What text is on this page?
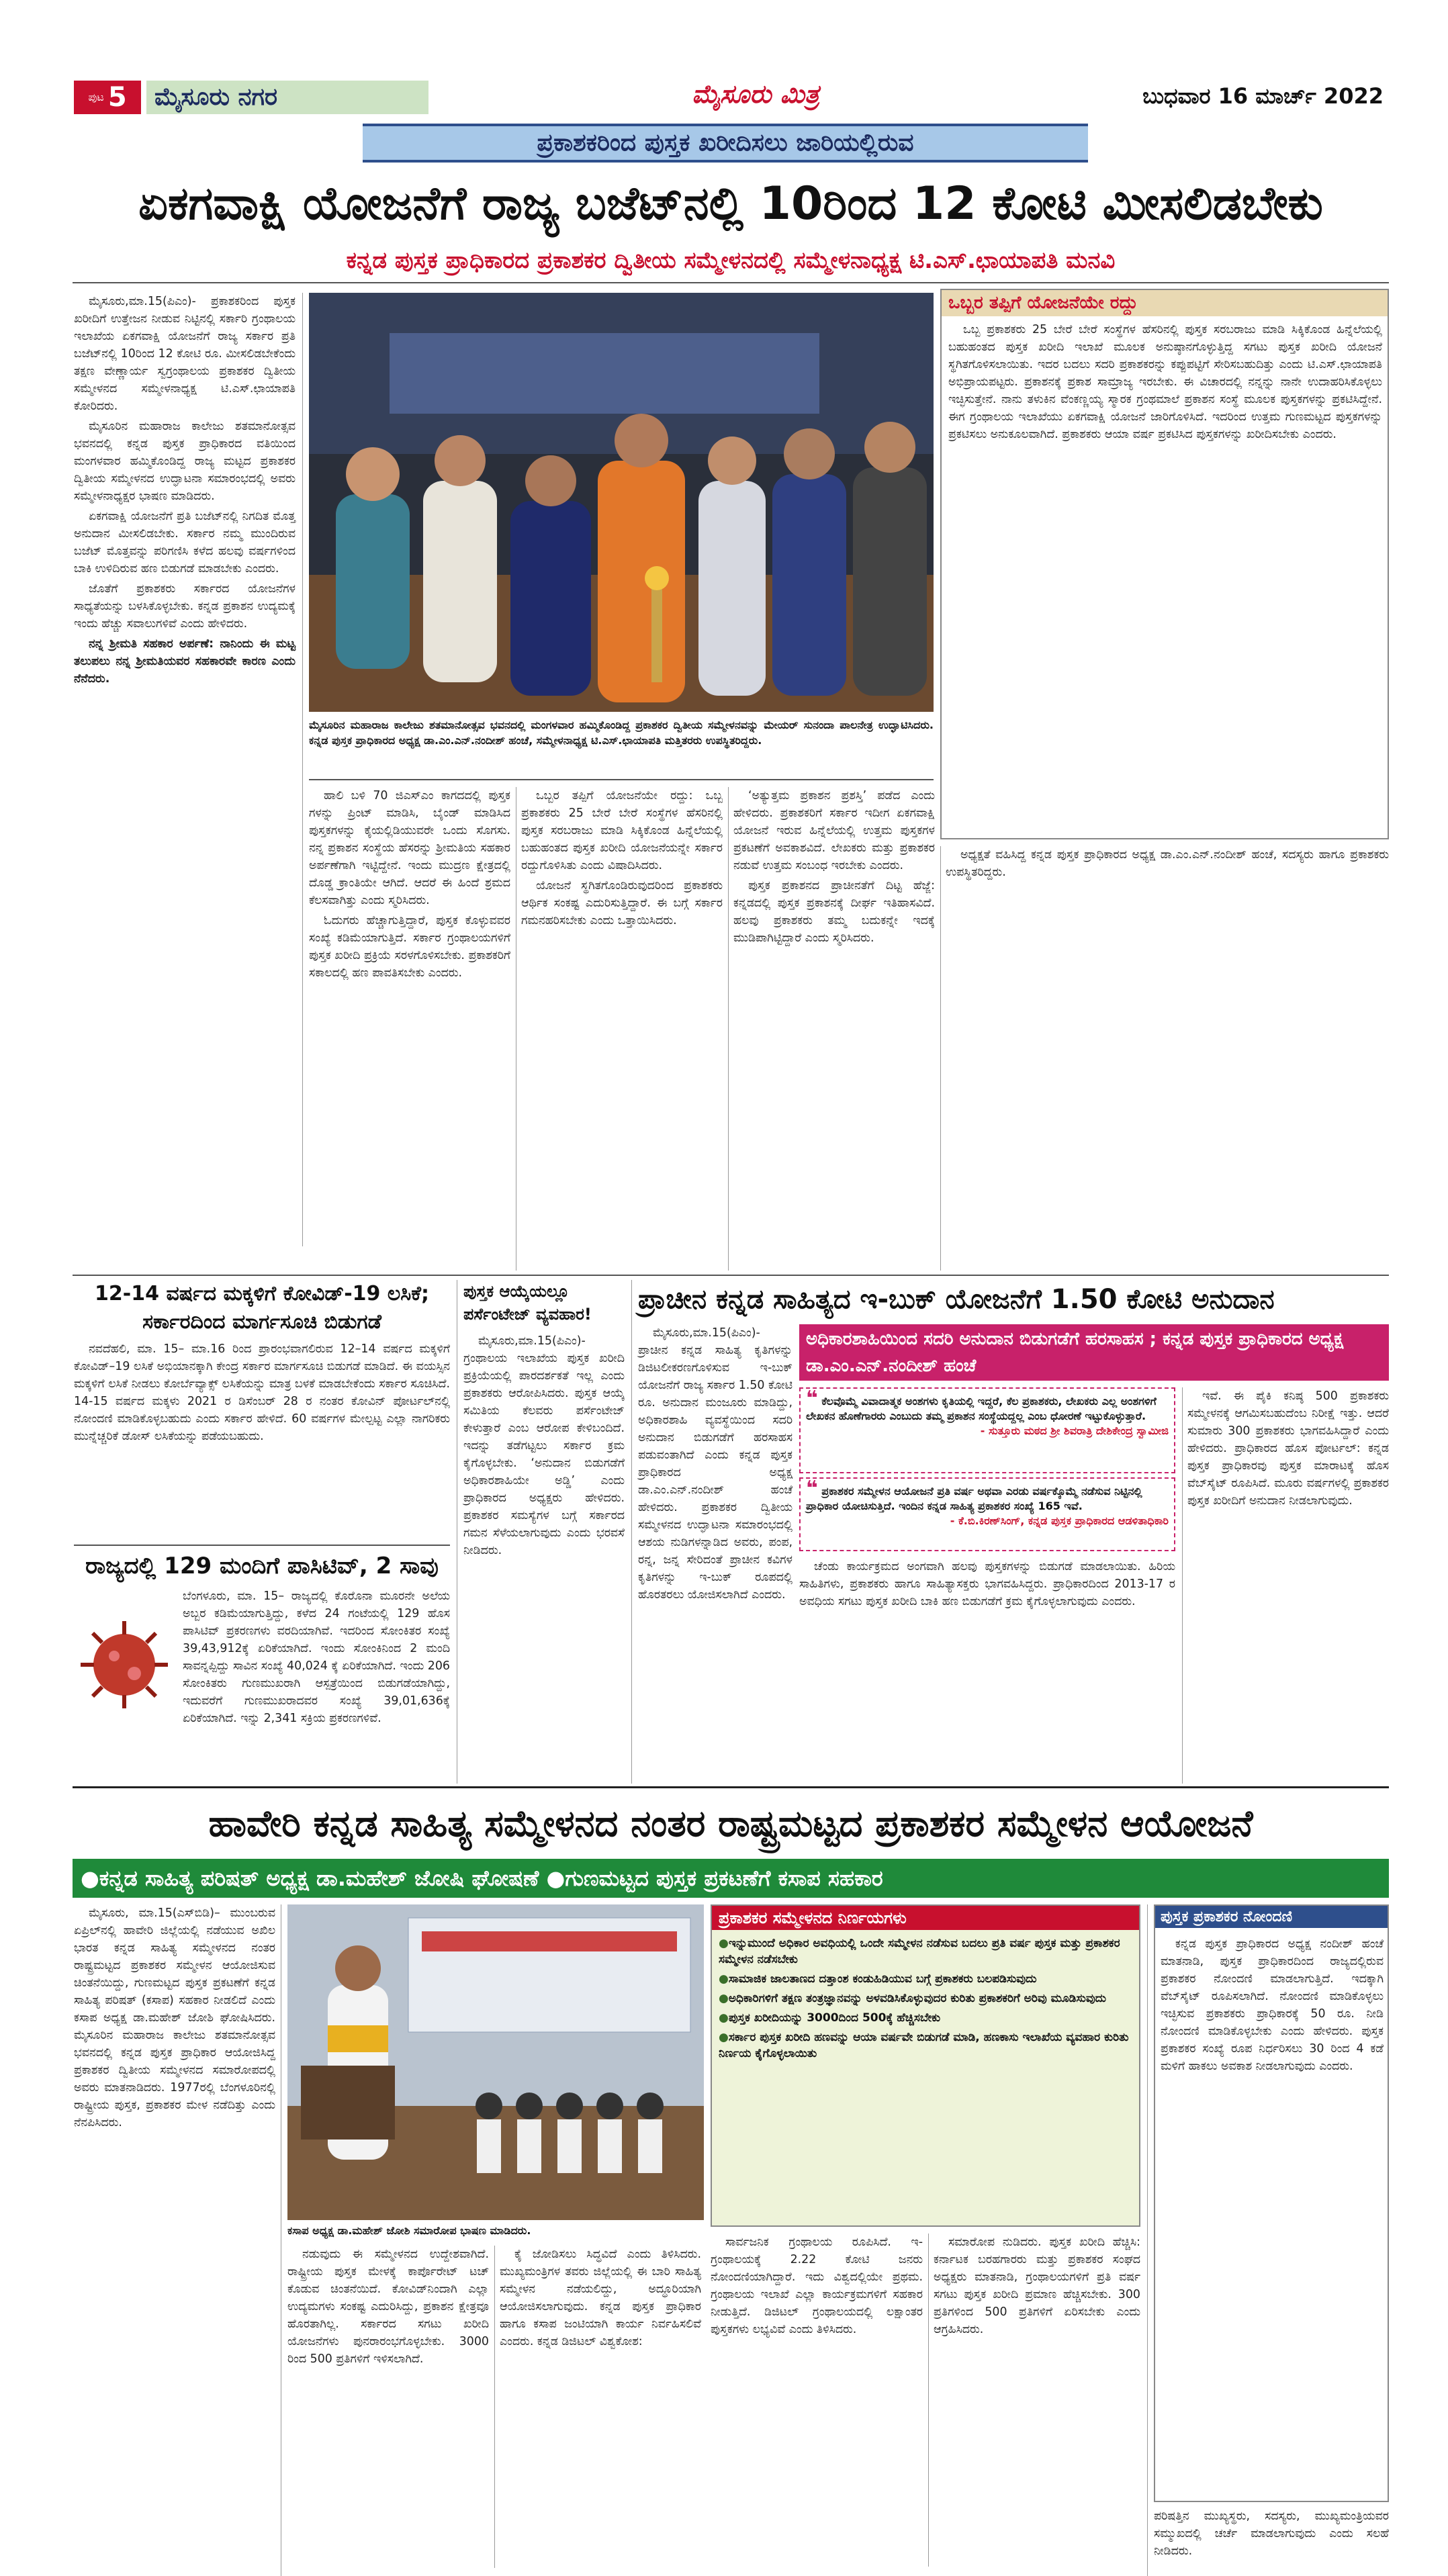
ಪುಟ 5	ಮೈಸೂರು ನಗರ	ಮೈಸೂರು ಮಿತ್ರ	ಬುಧವಾರ 16 ಮಾರ್ಚ್ 2022
ಪ್ರಕಾಶಕರಿಂದ ಪುಸ್ತಕ ಖರೀದಿಸಲು ಜಾರಿಯಲ್ಲಿರುವ
ಏಕಗವಾಕ್ಷಿ ಯೋಜನೆಗೆ ರಾಜ್ಯ ಬಜೆಟ್‌ನಲ್ಲಿ 10ರಿಂದ 12 ಕೋಟಿ ಮೀಸಲಿಡಬೇಕು
ಕನ್ನಡ ಪುಸ್ತಕ ಪ್ರಾಧಿಕಾರದ ಪ್ರಕಾಶಕರ ದ್ವಿತೀಯ ಸಮ್ಮೇಳನದಲ್ಲಿ ಸಮ್ಮೇಳನಾಧ್ಯಕ್ಷ ಟಿ.ಎಸ್.ಛಾಯಾಪತಿ ಮನವಿ

ಮೈಸೂರು,ಮಾ.15(ಪಿಎಂ)- ಪ್ರಕಾಶಕರಿಂದ ಪುಸ್ತಕ ಖರೀದಿಗೆ ಉತ್ತೇಜನ ನೀಡುವ ನಿಟ್ಟಿನಲ್ಲಿ ಸರ್ಕಾರಿ ಗ್ರಂಥಾಲಯ ಇಲಾಖೆಯ ಏಕಗವಾಕ್ಷಿ ಯೋಜನೆಗೆ ರಾಜ್ಯ ಸರ್ಕಾರ ಪ್ರತಿ ಬಜೆಟ್‌ನಲ್ಲಿ 10ರಿಂದ 12 ಕೋಟಿ ರೂ. ಮೀಸಲಿಡಬೇಕೆಂದು ತಕ್ಷಣ ವೇಣ್ಣಾರ್ಯ ಸ್ವಗ್ರಂಥಾಲಯ ಪ್ರಕಾಶಕರ ದ್ವಿತೀಯ ಸಮ್ಮೇಳನದ ಸಮ್ಮೇಳನಾಧ್ಯಕ್ಷ ಟಿ.ಎಸ್.ಛಾಯಾಪತಿ ಕೋರಿದರು.

ಮೈಸೂರಿನ ಮಹಾರಾಜ ಕಾಲೇಜು ಶತಮಾನೋತ್ಸವ ಭವನದಲ್ಲಿ ಕನ್ನಡ ಪುಸ್ತಕ ಪ್ರಾಧಿಕಾರದ ವತಿಯಿಂದ ಮಂಗಳವಾರ ಹಮ್ಮಿಕೊಂಡಿದ್ದ ರಾಜ್ಯ ಮಟ್ಟದ ಪ್ರಕಾಶಕರ ದ್ವಿತೀಯ ಸಮ್ಮೇಳನದ ಉದ್ಘಾಟನಾ ಸಮಾರಂಭದಲ್ಲಿ ಅವರು ಸಮ್ಮೇಳನಾಧ್ಯಕ್ಷರ ಭಾಷಣ ಮಾಡಿದರು.

ಏಕಗವಾಕ್ಷಿ ಯೋಜನೆಗೆ ಪ್ರತಿ ಬಜೆಟ್‌ನಲ್ಲಿ ನಿಗದಿತ ಮೊತ್ತ ಅನುದಾನ ಮೀಸಲಿಡಬೇಕು. ಸರ್ಕಾರ ನಮ್ಮ ಮುಂದಿರುವ ಬಜೆಟ್ ಮೊತ್ತವನ್ನು ಪರಿಗಣಿಸಿ ಕಳೆದ ಹಲವು ವರ್ಷಗಳಿಂದ ಬಾಕಿ ಉಳಿದಿರುವ ಹಣ ಬಿಡುಗಡೆ ಮಾಡಬೇಕು ಎಂದರು.

ಜೊತೆಗೆ ಪ್ರಕಾಶಕರು ಸರ್ಕಾರದ ಯೋಜನೆಗಳ ಸಾಧ್ಯತೆಯನ್ನು ಬಳಸಿಕೊಳ್ಳಬೇಕು. ಕನ್ನಡ ಪ್ರಕಾಶನ ಉದ್ಯಮಕ್ಕೆ ಇಂದು ಹೆಚ್ಚು ಸವಾಲುಗಳಿವೆ ಎಂದು ಹೇಳಿದರು.

ನನ್ನ ಶ್ರೀಮತಿ ಸಹಕಾರ ಅರ್ಪಣೆ: ನಾನಿಂದು ಈ ಮಟ್ಟ ತಲುಪಲು ನನ್ನ ಶ್ರೀಮತಿಯವರ ಸಹಕಾರವೇ ಕಾರಣ ಎಂದು ನೆನೆದರು.

ಮೈಸೂರಿನ ಮಹಾರಾಜ ಕಾಲೇಜು ಶತಮಾನೋತ್ಸವ ಭವನದಲ್ಲಿ ಮಂಗಳವಾರ ಹಮ್ಮಿಕೊಂಡಿದ್ದ ಪ್ರಕಾಶಕರ ದ್ವಿತೀಯ ಸಮ್ಮೇಳನವನ್ನು ಮೇಯರ್ ಸುನಂದಾ ಪಾಲನೇತ್ರ ಉದ್ಘಾಟಿಸಿದರು. ಕನ್ನಡ ಪುಸ್ತಕ ಪ್ರಾಧಿಕಾರದ ಅಧ್ಯಕ್ಷ ಡಾ.ಎಂ.ಎನ್.ನಂದೀಶ್ ಹಂಚೆ, ಸಮ್ಮೇಳನಾಧ್ಯಕ್ಷ ಟಿ.ಎಸ್.ಛಾಯಾಪತಿ ಮತ್ತಿತರರು ಉಪಸ್ಥಿತರಿದ್ದರು.
ಒಬ್ಬರ ತಪ್ಪಿಗೆ ಯೋಜನೆಯೇ ರದ್ದು
ಒಬ್ಬ ಪ್ರಕಾಶಕರು 25 ಬೇರೆ ಬೇರೆ ಸಂಸ್ಥೆಗಳ ಹೆಸರಿನಲ್ಲಿ ಪುಸ್ತಕ ಸರಬರಾಜು ಮಾಡಿ ಸಿಕ್ಕಿಕೊಂಡ ಹಿನ್ನೆಲೆಯಲ್ಲಿ ಬಹುಹಂತದ ಪುಸ್ತಕ ಖರೀದಿ ಇಲಾಖೆ ಮೂಲಕ ಅನುಷ್ಠಾನಗೊಳ್ಳುತ್ತಿದ್ದ ಸಗಟು ಪುಸ್ತಕ ಖರೀದಿ ಯೋಜನೆ ಸ್ಥಗಿತಗೊಳಿಸಲಾಯಿತು. ಇದರ ಬದಲು ಸದರಿ ಪ್ರಕಾಶಕರನ್ನು ಕಪ್ಪುಪಟ್ಟಿಗೆ ಸೇರಿಸಬಹುದಿತ್ತು ಎಂದು ಟಿ.ಎಸ್.ಛಾಯಾಪತಿ ಅಭಿಪ್ರಾಯಪಟ್ಟರು. ಪ್ರಕಾಶನಕ್ಕೆ ಪ್ರಕಾಶ ಸಾಮ್ರಾಜ್ಯ ಇರಬೇಕು. ಈ ವಿಚಾರದಲ್ಲಿ ನನ್ನನ್ನು ನಾನೇ ಉದಾಹರಿಸಿಕೊಳ್ಳಲು ಇಚ್ಛಿಸುತ್ತೇನೆ. ನಾನು ತಳುಕಿನ ವೆಂಕಣ್ಣಯ್ಯ ಸ್ಮಾರಕ ಗ್ರಂಥಮಾಲೆ ಪ್ರಕಾಶನ ಸಂಸ್ಥೆ ಮೂಲಕ ಪುಸ್ತಕಗಳನ್ನು ಪ್ರಕಟಿಸಿದ್ದೇನೆ. ಈಗ ಗ್ರಂಥಾಲಯ ಇಲಾಖೆಯು ಏಕಗವಾಕ್ಷಿ ಯೋಜನೆ ಜಾರಿಗೊಳಿಸಿದೆ. ಇದರಿಂದ ಉತ್ತಮ ಗುಣಮಟ್ಟದ ಪುಸ್ತಕಗಳನ್ನು ಪ್ರಕಟಿಸಲು ಅನುಕೂಲವಾಗಿದೆ. ಪ್ರಕಾಶಕರು ಆಯಾ ವರ್ಷ ಪ್ರಕಟಿಸಿದ ಪುಸ್ತಕಗಳನ್ನು ಖರೀದಿಸಬೇಕು ಎಂದರು.

ಹಾಲಿ ಬಳಿ 70 ಜಿಎಸ್‌ಎಂ ಕಾಗದದಲ್ಲಿ ಪುಸ್ತಕ ಗಳನ್ನು ಪ್ರಿಂಟ್ ಮಾಡಿಸಿ, ಬೈಂಡ್ ಮಾಡಿಸಿದ ಪುಸ್ತಕಗಳನ್ನು ಕೈಯಲ್ಲಿಡಿಯುವರೇ ಒಂದು ಸೊಗಸು. ನನ್ನ ಪ್ರಕಾಶನ ಸಂಸ್ಥೆಯ ಹೆಸರನ್ನು ಶ್ರೀಮತಿಯ ಸಹಕಾರ ಅರ್ಪಣೆಗಾಗಿ ಇಟ್ಟಿದ್ದೇನೆ. ಇಂದು ಮುದ್ರಣ ಕ್ಷೇತ್ರದಲ್ಲಿ ದೊಡ್ಡ ಕ್ರಾಂತಿಯೇ ಆಗಿದೆ. ಆದರೆ ಈ ಹಿಂದೆ ಶ್ರಮದ ಕೆಲಸವಾಗಿತ್ತು ಎಂದು ಸ್ಮರಿಸಿದರು.

ಓದುಗರು ಹೆಚ್ಚಾಗುತ್ತಿದ್ದಾರೆ, ಪುಸ್ತಕ ಕೊಳ್ಳುವವರ ಸಂಖ್ಯೆ ಕಡಿಮೆಯಾಗುತ್ತಿದೆ. ಸರ್ಕಾರ ಗ್ರಂಥಾಲಯಗಳಿಗೆ ಪುಸ್ತಕ ಖರೀದಿ ಪ್ರಕ್ರಿಯೆ ಸರಳಗೊಳಿಸಬೇಕು. ಪ್ರಕಾಶಕರಿಗೆ ಸಕಾಲದಲ್ಲಿ ಹಣ ಪಾವತಿಸಬೇಕು ಎಂದರು.

ಒಬ್ಬರ ತಪ್ಪಿಗೆ ಯೋಜನೆಯೇ ರದ್ದು: ಒಬ್ಬ ಪ್ರಕಾಶಕರು 25 ಬೇರೆ ಬೇರೆ ಸಂಸ್ಥೆಗಳ ಹೆಸರಿನಲ್ಲಿ ಪುಸ್ತಕ ಸರಬರಾಜು ಮಾಡಿ ಸಿಕ್ಕಿಕೊಂಡ ಹಿನ್ನೆಲೆಯಲ್ಲಿ ಬಹುಹಂತದ ಪುಸ್ತಕ ಖರೀದಿ ಯೋಜನೆಯನ್ನೇ ಸರ್ಕಾರ ರದ್ದುಗೊಳಿಸಿತು ಎಂದು ವಿಷಾದಿಸಿದರು.

ಯೋಜನೆ ಸ್ಥಗಿತಗೊಂಡಿರುವುದರಿಂದ ಪ್ರಕಾಶಕರು ಆರ್ಥಿಕ ಸಂಕಷ್ಟ ಎದುರಿಸುತ್ತಿದ್ದಾರೆ. ಈ ಬಗ್ಗೆ ಸರ್ಕಾರ ಗಮನಹರಿಸಬೇಕು ಎಂದು ಒತ್ತಾಯಿಸಿದರು.

‘ಅತ್ಯುತ್ತಮ ಪ್ರಕಾಶನ ಪ್ರಶಸ್ತಿ’ ಪಡೆದ ಎಂದು ಹೇಳಿದರು. ಪ್ರಕಾಶಕರಿಗೆ ಸರ್ಕಾರ ಇದೀಗ ಏಕಗವಾಕ್ಷಿ ಯೋಜನೆ ಇರುವ ಹಿನ್ನೆಲೆಯಲ್ಲಿ ಉತ್ತಮ ಪುಸ್ತಕಗಳ ಪ್ರಕಟಣೆಗೆ ಅವಕಾಶವಿದೆ. ಲೇಖಕರು ಮತ್ತು ಪ್ರಕಾಶಕರ ನಡುವೆ ಉತ್ತಮ ಸಂಬಂಧ ಇರಬೇಕು ಎಂದರು.

ಪುಸ್ತಕ ಪ್ರಕಾಶನದ ಪ್ರಾಚೀನತೆಗೆ ದಿಟ್ಟ ಹೆಜ್ಜೆ: ಕನ್ನಡದಲ್ಲಿ ಪುಸ್ತಕ ಪ್ರಕಾಶನಕ್ಕೆ ದೀರ್ಘ ಇತಿಹಾಸವಿದೆ. ಹಲವು ಪ್ರಕಾಶಕರು ತಮ್ಮ ಬದುಕನ್ನೇ ಇದಕ್ಕೆ ಮುಡಿಪಾಗಿಟ್ಟಿದ್ದಾರೆ ಎಂದು ಸ್ಮರಿಸಿದರು.

ಅಧ್ಯಕ್ಷತೆ ವಹಿಸಿದ್ದ ಕನ್ನಡ ಪುಸ್ತಕ ಪ್ರಾಧಿಕಾರದ ಅಧ್ಯಕ್ಷ ಡಾ.ಎಂ.ಎನ್.ನಂದೀಶ್ ಹಂಚೆ, ಸದಸ್ಯರು ಹಾಗೂ ಪ್ರಕಾಶಕರು ಉಪಸ್ಥಿತರಿದ್ದರು.

12-14 ವರ್ಷದ ಮಕ್ಕಳಿಗೆ ಕೋವಿಡ್-19 ಲಸಿಕೆ; ಸರ್ಕಾರದಿಂದ ಮಾರ್ಗಸೂಚಿ ಬಿಡುಗಡೆ
ನವದೆಹಲಿ, ಮಾ. 15– ಮಾ.16 ರಿಂದ ಪ್ರಾರಂಭವಾಗಲಿರುವ 12–14 ವರ್ಷದ ಮಕ್ಕಳಿಗೆ ಕೋವಿಡ್–19 ಲಸಿಕೆ ಅಭಿಯಾನಕ್ಕಾಗಿ ಕೇಂದ್ರ ಸರ್ಕಾರ ಮಾರ್ಗಸೂಚಿ ಬಿಡುಗಡೆ ಮಾಡಿದೆ. ಈ ವಯಸ್ಸಿನ ಮಕ್ಕಳಿಗೆ ಲಸಿಕೆ ನೀಡಲು ಕೋರ್ಬೆವ್ಯಾಕ್ಸ್ ಲಸಿಕೆಯನ್ನು ಮಾತ್ರ ಬಳಕೆ ಮಾಡಬೇಕೆಂದು ಸರ್ಕಾರ ಸೂಚಿಸಿದೆ. 14-15 ವರ್ಷದ ಮಕ್ಕಳು 2021 ರ ಡಿಸೆಂಬರ್ 28 ರ ನಂತರ ಕೋವಿನ್ ಪೋರ್ಟಲ್‌ನಲ್ಲಿ ನೋಂದಣಿ ಮಾಡಿಕೊಳ್ಳಬಹುದು ಎಂದು ಸರ್ಕಾರ ಹೇಳಿದೆ. 60 ವರ್ಷಗಳ ಮೇಲ್ಪಟ್ಟ ಎಲ್ಲಾ ನಾಗರಿಕರು ಮುನ್ನೆಚ್ಚರಿಕೆ ಡೋಸ್ ಲಸಿಕೆಯನ್ನು ಪಡೆಯಬಹುದು.
ರಾಜ್ಯದಲ್ಲಿ 129 ಮಂದಿಗೆ ಪಾಸಿಟಿವ್, 2 ಸಾವು
ಬೆಂಗಳೂರು, ಮಾ. 15– ರಾಜ್ಯದಲ್ಲಿ ಕೊರೊನಾ ಮೂರನೇ ಅಲೆಯ ಅಬ್ಬರ ಕಡಿಮೆಯಾಗುತ್ತಿದ್ದು, ಕಳೆದ 24 ಗಂಟೆಯಲ್ಲಿ 129 ಹೊಸ ಪಾಸಿಟಿವ್ ಪ್ರಕರಣಗಳು ವರದಿಯಾಗಿವೆ. ಇದರಿಂದ ಸೋಂಕಿತರ ಸಂಖ್ಯೆ 39,43,912ಕ್ಕೆ ಏರಿಕೆಯಾಗಿದೆ. ಇಂದು ಸೋಂಕಿನಿಂದ 2 ಮಂದಿ ಸಾವನ್ನಪ್ಪಿದ್ದು ಸಾವಿನ ಸಂಖ್ಯೆ 40,024 ಕ್ಕೆ ಏರಿಕೆಯಾಗಿದೆ. ಇಂದು 206 ಸೋಂಕಿತರು ಗುಣಮುಖರಾಗಿ ಆಸ್ಪತ್ರೆಯಿಂದ ಬಿಡುಗಡೆಯಾಗಿದ್ದು, ಇದುವರೆಗೆ ಗುಣಮುಖರಾದವರ ಸಂಖ್ಯೆ 39,01,636ಕ್ಕೆ ಏರಿಕೆಯಾಗಿದೆ. ಇನ್ನು 2,341 ಸಕ್ರಿಯ ಪ್ರಕರಣಗಳಿವೆ.
ಪುಸ್ತಕ ಆಯ್ಕೆಯಲ್ಲೂ ಪರ್ಸೆಂಟೇಜ್ ವ್ಯವಹಾರ!
ಮೈಸೂರು,ಮಾ.15(ಪಿಎಂ)- ಗ್ರಂಥಾಲಯ ಇಲಾಖೆಯ ಪುಸ್ತಕ ಖರೀದಿ ಪ್ರಕ್ರಿಯೆಯಲ್ಲಿ ಪಾರದರ್ಶಕತೆ ಇಲ್ಲ ಎಂದು ಪ್ರಕಾಶಕರು ಆರೋಪಿಸಿದರು. ಪುಸ್ತಕ ಆಯ್ಕೆ ಸಮಿತಿಯ ಕೆಲವರು ಪರ್ಸೆಂಟೇಜ್ ಕೇಳುತ್ತಾರೆ ಎಂಬ ಆರೋಪ ಕೇಳಿಬಂದಿದೆ. ಇದನ್ನು ತಡೆಗಟ್ಟಲು ಸರ್ಕಾರ ಕ್ರಮ ಕೈಗೊಳ್ಳಬೇಕು. ‘ಅನುದಾನ ಬಿಡುಗಡೆಗೆ ಅಧಿಕಾರಶಾಹಿಯೇ ಅಡ್ಡಿ’ ಎಂದು ಪ್ರಾಧಿಕಾರದ ಅಧ್ಯಕ್ಷರು ಹೇಳಿದರು. ಪ್ರಕಾಶಕರ ಸಮಸ್ಯೆಗಳ ಬಗ್ಗೆ ಸರ್ಕಾರದ ಗಮನ ಸೆಳೆಯಲಾಗುವುದು ಎಂದು ಭರವಸೆ ನೀಡಿದರು.
ಪ್ರಾಚೀನ ಕನ್ನಡ ಸಾಹಿತ್ಯದ ಇ-ಬುಕ್ ಯೋಜನೆಗೆ 1.50 ಕೋಟಿ ಅನುದಾನ
ಮೈಸೂರು,ಮಾ.15(ಪಿಎಂ)- ಪ್ರಾಚೀನ ಕನ್ನಡ ಸಾಹಿತ್ಯ ಕೃತಿಗಳನ್ನು ಡಿಜಿಟಲೀಕರಣಗೊಳಿಸುವ ಇ-ಬುಕ್ ಯೋಜನೆಗೆ ರಾಜ್ಯ ಸರ್ಕಾರ 1.50 ಕೋಟಿ ರೂ. ಅನುದಾನ ಮಂಜೂರು ಮಾಡಿದ್ದು, ಅಧಿಕಾರಶಾಹಿ ವ್ಯವಸ್ಥೆಯಿಂದ ಸದರಿ ಅನುದಾನ ಬಿಡುಗಡೆಗೆ ಹರಸಾಹಸ ಪಡುವಂತಾಗಿದೆ ಎಂದು ಕನ್ನಡ ಪುಸ್ತಕ ಪ್ರಾಧಿಕಾರದ ಅಧ್ಯಕ್ಷ ಡಾ.ಎಂ.ಎನ್.ನಂದೀಶ್ ಹಂಚೆ ಹೇಳಿದರು. ಪ್ರಕಾಶಕರ ದ್ವಿತೀಯ ಸಮ್ಮೇಳನದ ಉದ್ಘಾಟನಾ ಸಮಾರಂಭದಲ್ಲಿ ಆಶಯ ನುಡಿಗಳನ್ನಾಡಿದ ಅವರು, ಪಂಪ, ರನ್ನ, ಜನ್ನ ಸೇರಿದಂತೆ ಪ್ರಾಚೀನ ಕವಿಗಳ ಕೃತಿಗಳನ್ನು ಇ-ಬುಕ್ ರೂಪದಲ್ಲಿ ಹೊರತರಲು ಯೋಜಿಸಲಾಗಿದೆ ಎಂದರು.
ಅಧಿಕಾರಶಾಹಿಯಿಂದ ಸದರಿ ಅನುದಾನ ಬಿಡುಗಡೆಗೆ ಹರಸಾಹಸ ; ಕನ್ನಡ ಪುಸ್ತಕ ಪ್ರಾಧಿಕಾರದ ಅಧ್ಯಕ್ಷ ಡಾ.ಎಂ.ಎನ್.ನಂದೀಶ್ ಹಂಚೆ
❝ ಕೆಲವೊಮ್ಮೆ ವಿವಾದಾತ್ಮಕ ಅಂಶಗಳು ಕೃತಿಯಲ್ಲಿ ಇದ್ದರೆ, ಕೆಲ ಪ್ರಕಾಶಕರು, ಲೇಖಕರು ಎಲ್ಲ ಅಂಶಗಳಿಗೆ ಲೇಖಕನ ಹೊಣೆಗಾರರು ಎಂಬುದು ತಮ್ಮ ಪ್ರಕಾಶನ ಸಂಸ್ಥೆಯದ್ದಲ್ಲ ಎಂಬ ಧೋರಣೆ ಇಟ್ಟುಕೊಳ್ಳುತ್ತಾರೆ.
- ಸುತ್ತೂರು ಮಠದ ಶ್ರೀ ಶಿವರಾತ್ರಿ ದೇಶಿಕೇಂದ್ರ ಸ್ವಾಮೀಜಿ
❝ ಪ್ರಕಾಶಕರ ಸಮ್ಮೇಳನ ಆಯೋಜನೆ ಪ್ರತಿ ವರ್ಷ ಅಥವಾ ಎರಡು ವರ್ಷಕ್ಕೊಮ್ಮೆ ನಡೆಸುವ ನಿಟ್ಟಿನಲ್ಲಿ ಪ್ರಾಧಿಕಾರ ಯೋಚಿಸುತ್ತಿದೆ. ಇಂದಿನ ಕನ್ನಡ ಸಾಹಿತ್ಯ ಪ್ರಕಾಶಕರ ಸಂಖ್ಯೆ 165 ಇವೆ.
- ಕೆ.ಬಿ.ಕಿರಣ್‌ಸಿಂಗ್, ಕನ್ನಡ ಪುಸ್ತಕ ಪ್ರಾಧಿಕಾರದ ಆಡಳಿತಾಧಿಕಾರಿ
ಚೆಂಡು ಕಾರ್ಯಕ್ರಮದ ಅಂಗವಾಗಿ ಹಲವು ಪುಸ್ತಕಗಳನ್ನು ಬಿಡುಗಡೆ ಮಾಡಲಾಯಿತು. ಹಿರಿಯ ಸಾಹಿತಿಗಳು, ಪ್ರಕಾಶಕರು ಹಾಗೂ ಸಾಹಿತ್ಯಾಸಕ್ತರು ಭಾಗವಹಿಸಿದ್ದರು. ಪ್ರಾಧಿಕಾರದಿಂದ 2013-17 ರ ಅವಧಿಯ ಸಗಟು ಪುಸ್ತಕ ಖರೀದಿ ಬಾಕಿ ಹಣ ಬಿಡುಗಡೆಗೆ ಕ್ರಮ ಕೈಗೊಳ್ಳಲಾಗುವುದು ಎಂದರು.
ಇವೆ. ಈ ಪೈಕಿ ಕನಿಷ್ಠ 500 ಪ್ರಕಾಶಕರು ಸಮ್ಮೇಳನಕ್ಕೆ ಆಗಮಿಸಬಹುದೆಂಬ ನಿರೀಕ್ಷೆ ಇತ್ತು. ಆದರೆ ಸುಮಾರು 300 ಪ್ರಕಾಶಕರು ಭಾಗವಹಿಸಿದ್ದಾರೆ ಎಂದು ಹೇಳಿದರು. ಪ್ರಾಧಿಕಾರದ ಹೊಸ ಪೋರ್ಟಲ್: ಕನ್ನಡ ಪುಸ್ತಕ ಪ್ರಾಧಿಕಾರವು ಪುಸ್ತಕ ಮಾರಾಟಕ್ಕೆ ಹೊಸ ವೆಬ್‌ಸೈಟ್ ರೂಪಿಸಿದೆ. ಮೂರು ವರ್ಷಗಳಲ್ಲಿ ಪ್ರಕಾಶಕರ ಪುಸ್ತಕ ಖರೀದಿಗೆ ಅನುದಾನ ನೀಡಲಾಗುವುದು.
ಹಾವೇರಿ ಕನ್ನಡ ಸಾಹಿತ್ಯ ಸಮ್ಮೇಳನದ ನಂತರ ರಾಷ್ಟ್ರಮಟ್ಟದ ಪ್ರಕಾಶಕರ ಸಮ್ಮೇಳನ ಆಯೋಜನೆ
●ಕನ್ನಡ ಸಾಹಿತ್ಯ ಪರಿಷತ್ ಅಧ್ಯಕ್ಷ ಡಾ.ಮಹೇಶ್ ಜೋಷಿ ಘೋಷಣೆ ●ಗುಣಮಟ್ಟದ ಪುಸ್ತಕ ಪ್ರಕಟಣೆಗೆ ಕಸಾಪ ಸಹಕಾರ
ಮೈಸೂರು, ಮಾ.15(ಎಸ್‌ಬಿಡಿ)– ಮುಂಬರುವ ಏಪ್ರಿಲ್‌ನಲ್ಲಿ ಹಾವೇರಿ ಜಿಲ್ಲೆಯಲ್ಲಿ ನಡೆಯುವ ಅಖಿಲ ಭಾರತ ಕನ್ನಡ ಸಾಹಿತ್ಯ ಸಮ್ಮೇಳನದ ನಂತರ ರಾಷ್ಟ್ರಮಟ್ಟದ ಪ್ರಕಾಶಕರ ಸಮ್ಮೇಳನ ಆಯೋಜಿಸುವ ಚಿಂತನೆಯಿದ್ದು, ಗುಣಮಟ್ಟದ ಪುಸ್ತಕ ಪ್ರಕಟಣೆಗೆ ಕನ್ನಡ ಸಾಹಿತ್ಯ ಪರಿಷತ್ (ಕಸಾಪ) ಸಹಕಾರ ನೀಡಲಿದೆ ಎಂದು ಕಸಾಪ ಅಧ್ಯಕ್ಷ ಡಾ.ಮಹೇಶ್ ಜೋಶಿ ಘೋಷಿಸಿದರು. ಮೈಸೂರಿನ ಮಹಾರಾಜ ಕಾಲೇಜು ಶತಮಾನೋತ್ಸವ ಭವನದಲ್ಲಿ ಕನ್ನಡ ಪುಸ್ತಕ ಪ್ರಾಧಿಕಾರ ಆಯೋಜಿಸಿದ್ದ ಪ್ರಕಾಶಕರ ದ್ವಿತೀಯ ಸಮ್ಮೇಳನದ ಸಮಾರೋಪದಲ್ಲಿ ಅವರು ಮಾತನಾಡಿದರು. 1977ರಲ್ಲಿ ಬೆಂಗಳೂರಿನಲ್ಲಿ ರಾಷ್ಟ್ರೀಯ ಪುಸ್ತಕ, ಪ್ರಕಾಶಕರ ಮೇಳ ನಡೆದಿತ್ತು ಎಂದು ನೆನಪಿಸಿದರು.
ಕಸಾಪ ಅಧ್ಯಕ್ಷ ಡಾ.ಮಹೇಶ್ ಜೋಶಿ ಸಮಾರೋಪ ಭಾಷಣ ಮಾಡಿದರು.
ನಡುವುದು ಈ ಸಮ್ಮೇಳನದ ಉದ್ದೇಶವಾಗಿದೆ. ರಾಷ್ಟ್ರೀಯ ಪುಸ್ತಕ ಮೇಳಕ್ಕೆ ಕಾರ್ಪೊರೇಟ್ ಟಚ್ ಕೊಡುವ ಚಿಂತನೆಯಿದೆ. ಕೋವಿಡ್‌ನಿಂದಾಗಿ ಎಲ್ಲಾ ಉದ್ಯಮಗಳು ಸಂಕಷ್ಟ ಎದುರಿಸಿದ್ದು, ಪ್ರಕಾಶನ ಕ್ಷೇತ್ರವೂ ಹೊರತಾಗಿಲ್ಲ. ಸರ್ಕಾರದ ಸಗಟು ಖರೀದಿ ಯೋಜನೆಗಳು ಪುನರಾರಂಭಗೊಳ್ಳಬೇಕು. 3000 ರಿಂದ 500 ಪ್ರತಿಗಳಿಗೆ ಇಳಿಸಲಾಗಿದೆ.
ಕೈ ಜೋಡಿಸಲು ಸಿದ್ಧವಿದೆ ಎಂದು ತಿಳಿಸಿದರು. ಮುಖ್ಯಮಂತ್ರಿಗಳ ತವರು ಜಿಲ್ಲೆಯಲ್ಲಿ ಈ ಬಾರಿ ಸಾಹಿತ್ಯ ಸಮ್ಮೇಳನ ನಡೆಯಲಿದ್ದು, ಅದ್ಧೂರಿಯಾಗಿ ಆಯೋಜಿಸಲಾಗುವುದು. ಕನ್ನಡ ಪುಸ್ತಕ ಪ್ರಾಧಿಕಾರ ಹಾಗೂ ಕಸಾಪ ಜಂಟಿಯಾಗಿ ಕಾರ್ಯ ನಿರ್ವಹಿಸಲಿವೆ ಎಂದರು. ಕನ್ನಡ ಡಿಜಿಟಲ್ ವಿಶ್ವಕೋಶ:
ಪ್ರಕಾಶಕರ ಸಮ್ಮೇಳನದ ನಿರ್ಣಯಗಳು
● ಇನ್ನುಮುಂದೆ ಅಧಿಕಾರ ಅವಧಿಯಲ್ಲಿ ಒಂದೇ ಸಮ್ಮೇಳನ ನಡೆಸುವ ಬದಲು ಪ್ರತಿ ವರ್ಷ ಪುಸ್ತಕ ಮತ್ತು ಪ್ರಕಾಶಕರ ಸಮ್ಮೇಳನ ನಡೆಸಬೇಕು
● ಸಾಮಾಜಿಕ ಜಾಲತಾಣದ ದತ್ತಾಂಶ ಕಂಡುಹಿಡಿಯುವ ಬಗ್ಗೆ ಪ್ರಕಾಶಕರು ಬಲಪಡಿಸುವುದು
● ಅಧಿಕಾರಿಗಳಿಗೆ ತಕ್ಷಣ ತಂತ್ರಜ್ಞಾನವನ್ನು ಅಳವಡಿಸಿಕೊಳ್ಳುವುದರ ಕುರಿತು ಪ್ರಕಾಶಕರಿಗೆ ಅರಿವು ಮೂಡಿಸುವುದು
● ಪುಸ್ತಕ ಖರೀದಿಯನ್ನು 3000ದಿಂದ 500ಕ್ಕೆ ಹೆಚ್ಚಿಸಬೇಕು
● ಸರ್ಕಾರ ಪುಸ್ತಕ ಖರೀದಿ ಹಣವನ್ನು ಆಯಾ ವರ್ಷವೇ ಬಿಡುಗಡೆ ಮಾಡಿ, ಹಣಕಾಸು ಇಲಾಖೆಯ ವ್ಯವಹಾರ ಕುರಿತು ನಿರ್ಣಯ ಕೈಗೊಳ್ಳಲಾಯಿತು
ಸಾರ್ವಜನಿಕ ಗ್ರಂಥಾಲಯ ರೂಪಿಸಿದೆ. ಇ-ಗ್ರಂಥಾಲಯಕ್ಕೆ 2.22 ಕೋಟಿ ಜನರು ನೋಂದಣಿಯಾಗಿದ್ದಾರೆ. ಇದು ವಿಶ್ವದಲ್ಲಿಯೇ ಪ್ರಥಮ. ಗ್ರಂಥಾಲಯ ಇಲಾಖೆ ಎಲ್ಲಾ ಕಾರ್ಯಕ್ರಮಗಳಿಗೆ ಸಹಕಾರ ನೀಡುತ್ತಿದೆ. ಡಿಜಿಟಲ್ ಗ್ರಂಥಾಲಯದಲ್ಲಿ ಲಕ್ಷಾಂತರ ಪುಸ್ತಕಗಳು ಲಭ್ಯವಿವೆ ಎಂದು ತಿಳಿಸಿದರು.
ಸಮಾರೋಪ ನುಡಿದರು. ಪುಸ್ತಕ ಖರೀದಿ ಹೆಚ್ಚಿಸಿ: ಕರ್ನಾಟಕ ಬರಹಗಾರರು ಮತ್ತು ಪ್ರಕಾಶಕರ ಸಂಘದ ಅಧ್ಯಕ್ಷರು ಮಾತನಾಡಿ, ಗ್ರಂಥಾಲಯಗಳಿಗೆ ಪ್ರತಿ ವರ್ಷ ಸಗಟು ಪುಸ್ತಕ ಖರೀದಿ ಪ್ರಮಾಣ ಹೆಚ್ಚಿಸಬೇಕು. 300 ಪ್ರತಿಗಳಿಂದ 500 ಪ್ರತಿಗಳಿಗೆ ಏರಿಸಬೇಕು ಎಂದು ಆಗ್ರಹಿಸಿದರು.
ಪುಸ್ತಕ ಪ್ರಕಾಶಕರ ನೋಂದಣಿ
ಕನ್ನಡ ಪುಸ್ತಕ ಪ್ರಾಧಿಕಾರದ ಅಧ್ಯಕ್ಷ ನಂದೀಶ್ ಹಂಚೆ ಮಾತನಾಡಿ, ಪುಸ್ತಕ ಪ್ರಾಧಿಕಾರದಿಂದ ರಾಜ್ಯದಲ್ಲಿರುವ ಪ್ರಕಾಶಕರ ನೋಂದಣಿ ಮಾಡಲಾಗುತ್ತಿದೆ. ಇದಕ್ಕಾಗಿ ವೆಬ್‌ಸೈಟ್ ರೂಪಿಸಲಾಗಿದೆ. ನೋಂದಣಿ ಮಾಡಿಕೊಳ್ಳಲು ಇಚ್ಛಿಸುವ ಪ್ರಕಾಶಕರು ಪ್ರಾಧಿಕಾರಕ್ಕೆ 50 ರೂ. ನೀಡಿ ನೋಂದಣಿ ಮಾಡಿಕೊಳ್ಳಬೇಕು ಎಂದು ಹೇಳಿದರು. ಪುಸ್ತಕ ಪ್ರಕಾಶಕರ ಸಂಖ್ಯೆ ರೂಪ ನಿರ್ಧರಿಸಲು 30 ರಿಂದ 4 ಕಡೆ ಮಳಿಗೆ ಹಾಕಲು ಅವಕಾಶ ನೀಡಲಾಗುವುದು ಎಂದರು.
ಪರಿಷತ್ತಿನ ಮುಖ್ಯಸ್ಥರು, ಸದಸ್ಯರು, ಮುಖ್ಯಮಂತ್ರಿಯವರ ಸಮ್ಮುಖದಲ್ಲಿ ಚರ್ಚೆ ಮಾಡಲಾಗುವುದು ಎಂದು ಸಲಹೆ ನೀಡಿದರು.
